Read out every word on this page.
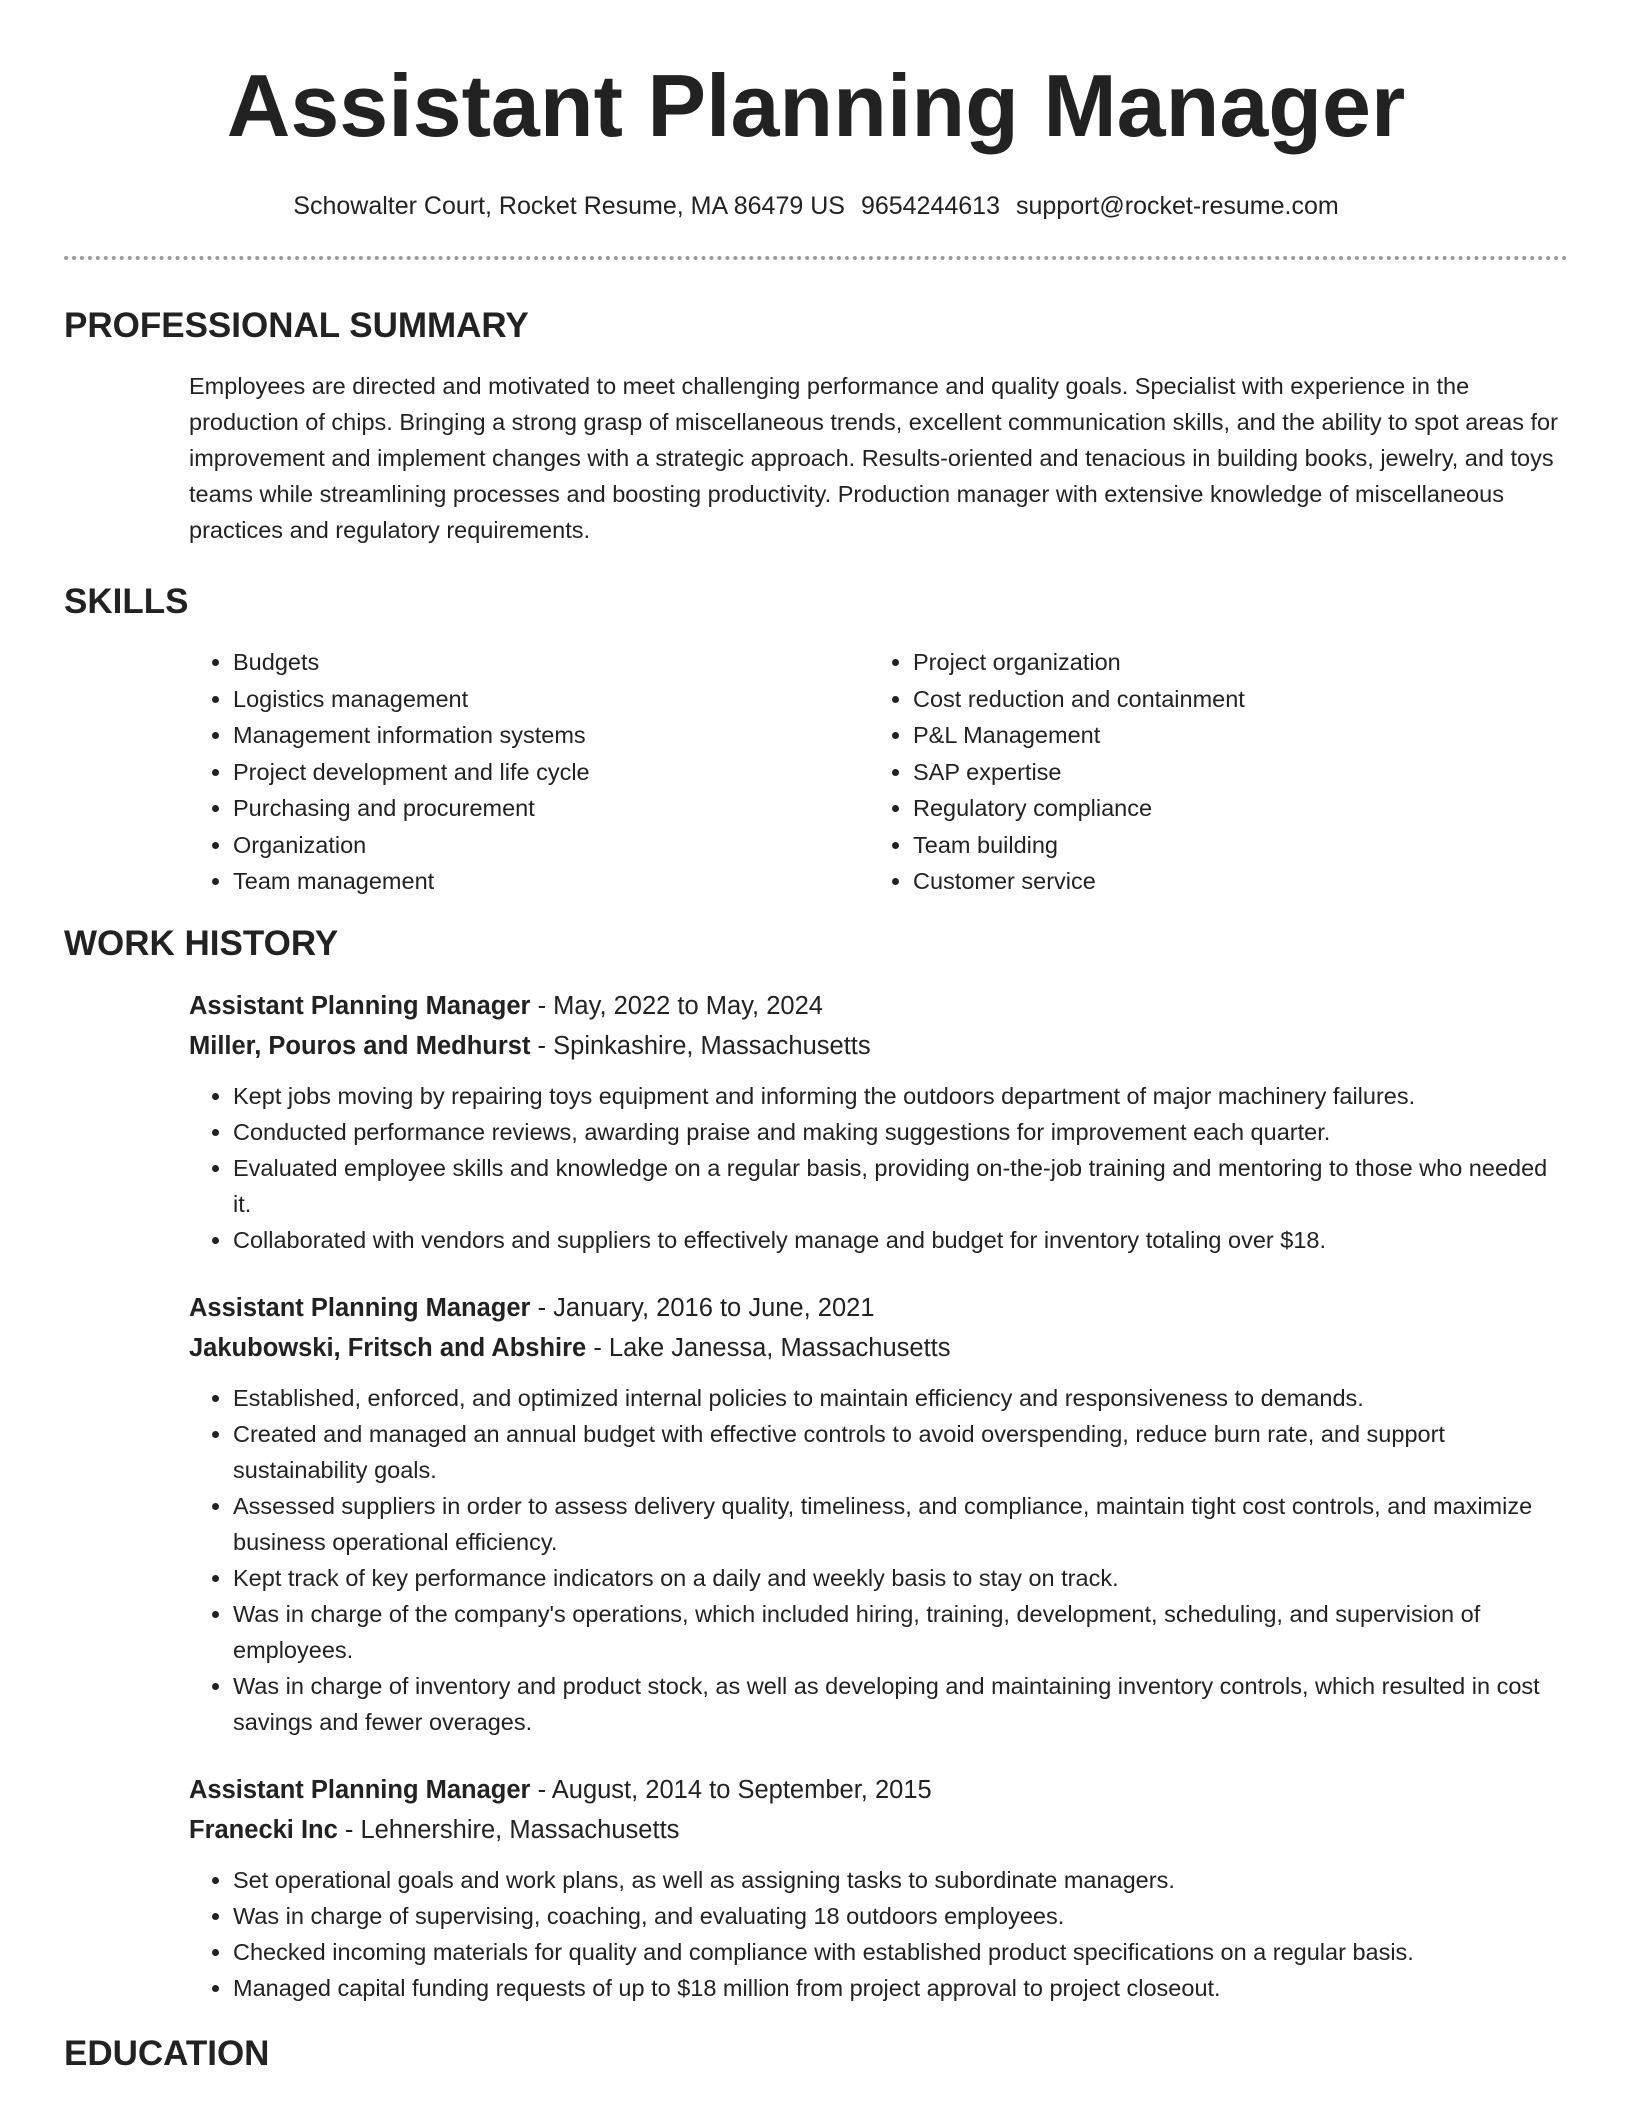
Assistant Planning Manager
Schowalter Court, Rocket Resume, MA 86479 US 9654244613 support@rocket-resume.com
PROFESSIONAL SUMMARY
Employees are directed and motivated to meet challenging performance and quality goals. Specialist with experience in the production of chips. Bringing a strong grasp of miscellaneous trends, excellent communication skills, and the ability to spot areas for improvement and implement changes with a strategic approach. Results-oriented and tenacious in building books, jewelry, and toys teams while streamlining processes and boosting productivity. Production manager with extensive knowledge of miscellaneous practices and regulatory requirements.
SKILLS
• Budgets
• Logistics management
• Management information systems
• Project development and life cycle
• Purchasing and procurement
• Organization
• Team management
• Project organization
• Cost reduction and containment
• P&L Management
• SAP expertise
• Regulatory compliance
• Team building
• Customer service
WORK HISTORY
Assistant Planning Manager - May, 2022 to May, 2024
Miller, Pouros and Medhurst - Spinkashire, Massachusetts
• Kept jobs moving by repairing toys equipment and informing the outdoors department of major machinery failures.
• Conducted performance reviews, awarding praise and making suggestions for improvement each quarter.
• Evaluated employee skills and knowledge on a regular basis, providing on-the-job training and mentoring to those who needed it.
• Collaborated with vendors and suppliers to effectively manage and budget for inventory totaling over $18.
Assistant Planning Manager - January, 2016 to June, 2021
Jakubowski, Fritsch and Abshire - Lake Janessa, Massachusetts
• Established, enforced, and optimized internal policies to maintain efficiency and responsiveness to demands.
• Created and managed an annual budget with effective controls to avoid overspending, reduce burn rate, and support sustainability goals.
• Assessed suppliers in order to assess delivery quality, timeliness, and compliance, maintain tight cost controls, and maximize business operational efficiency.
• Kept track of key performance indicators on a daily and weekly basis to stay on track.
• Was in charge of the company's operations, which included hiring, training, development, scheduling, and supervision of employees.
• Was in charge of inventory and product stock, as well as developing and maintaining inventory controls, which resulted in cost savings and fewer overages.
Assistant Planning Manager - August, 2014 to September, 2015
Franecki Inc - Lehnershire, Massachusetts
• Set operational goals and work plans, as well as assigning tasks to subordinate managers.
• Was in charge of supervising, coaching, and evaluating 18 outdoors employees.
• Checked incoming materials for quality and compliance with established product specifications on a regular basis.
• Managed capital funding requests of up to $18 million from project approval to project closeout.
EDUCATION
